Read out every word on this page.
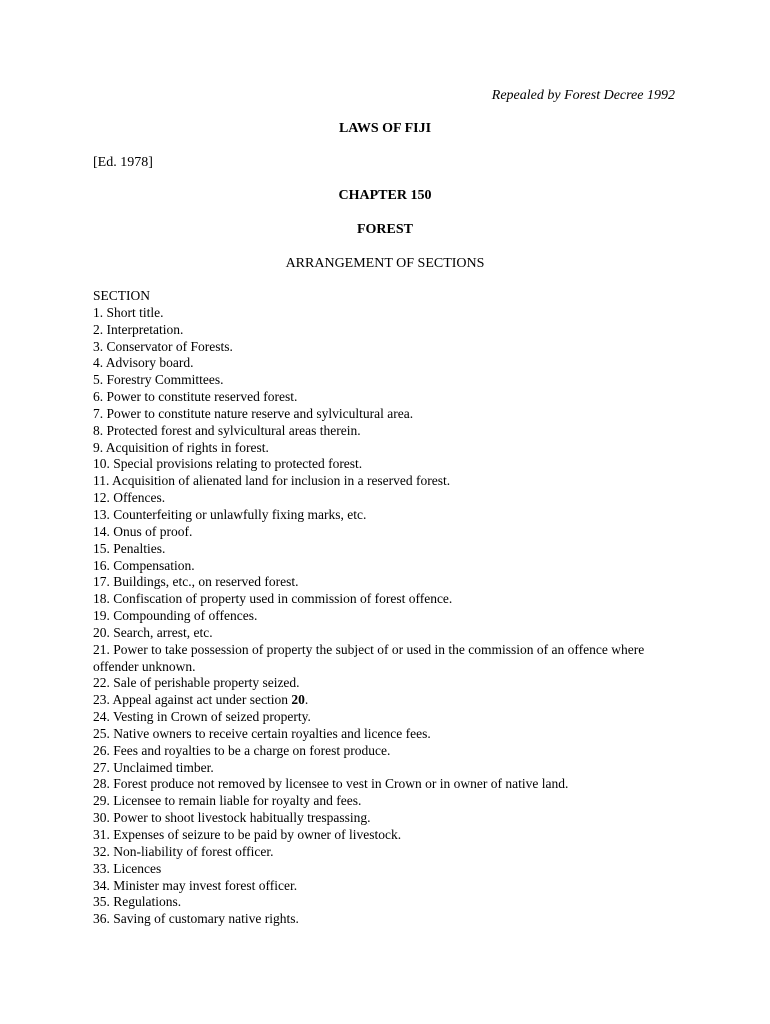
Repealed by Forest Decree 1992
LAWS OF FIJI
[Ed. 1978]
CHAPTER 150
FOREST
ARRANGEMENT OF SECTIONS
SECTION
1. Short title.
2. Interpretation.
3. Conservator of Forests.
4. Advisory board.
5. Forestry Committees.
6. Power to constitute reserved forest.
7. Power to constitute nature reserve and sylvicultural area.
8. Protected forest and sylvicultural areas therein.
9. Acquisition of rights in forest.
10. Special provisions relating to protected forest.
11. Acquisition of alienated land for inclusion in a reserved forest.
12. Offences.
13. Counterfeiting or unlawfully fixing marks, etc.
14. Onus of proof.
15. Penalties.
16. Compensation.
17. Buildings, etc., on reserved forest.
18. Confiscation of property used in commission of forest offence.
19. Compounding of offences.
20. Search, arrest, etc.
21. Power to take possession of property the subject of or used in the commission of an offence where offender unknown.
22. Sale of perishable property seized.
23. Appeal against act under section 20.
24. Vesting in Crown of seized property.
25. Native owners to receive certain royalties and licence fees.
26. Fees and royalties to be a charge on forest produce.
27. Unclaimed timber.
28. Forest produce not removed by licensee to vest in Crown or in owner of native land.
29. Licensee to remain liable for royalty and fees.
30. Power to shoot livestock habitually trespassing.
31. Expenses of seizure to be paid by owner of livestock.
32. Non-liability of forest officer.
33. Licences
34. Minister may invest forest officer.
35. Regulations.
36. Saving of customary native rights.
